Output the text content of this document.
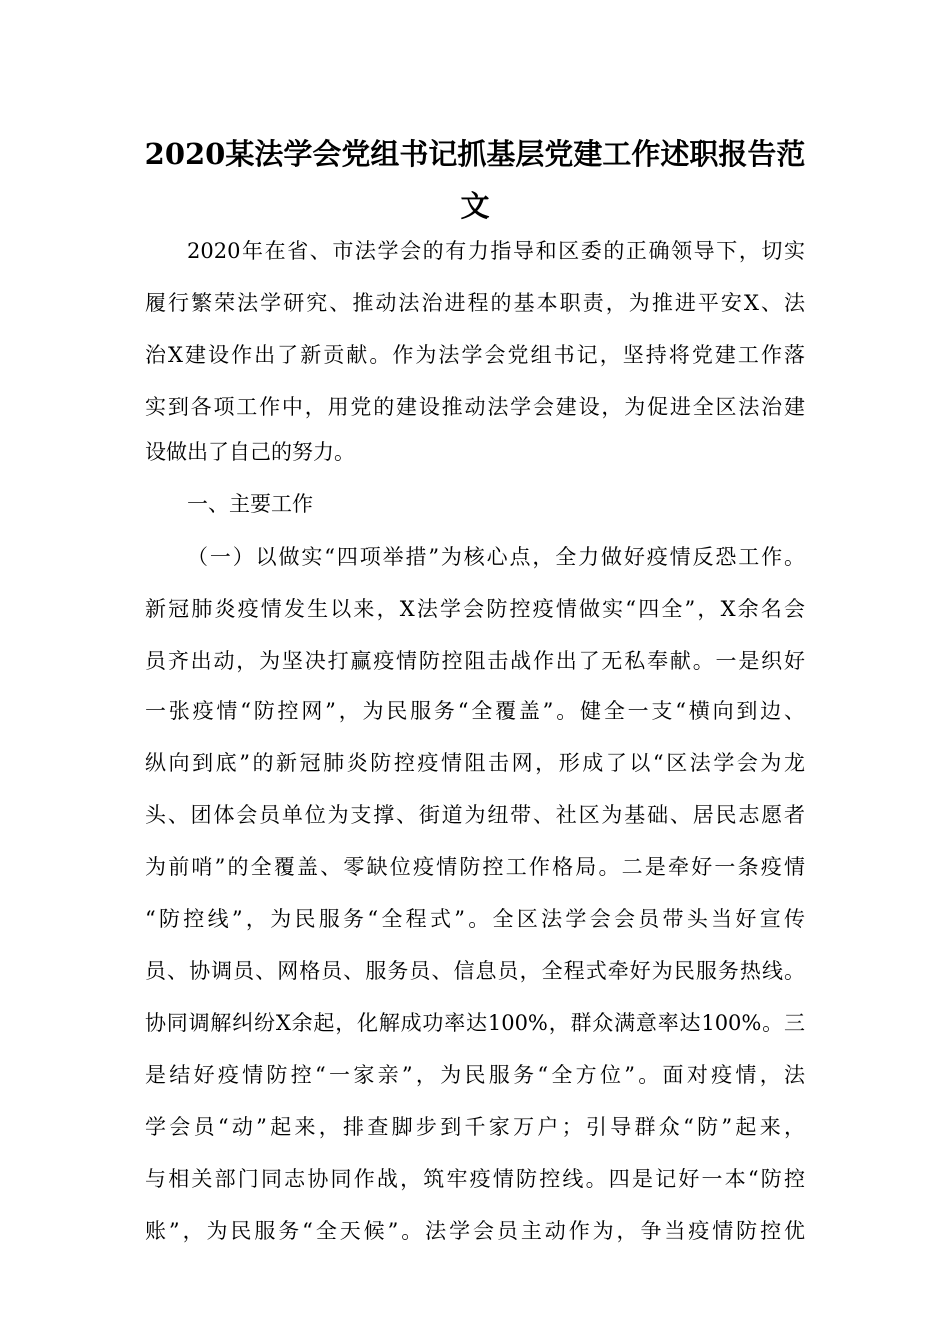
2020某法学会党组书记抓基层党建工作述职报告范
文

2020年在省、市法学会的有力指导和区委的正确领导下，切实

履行繁荣法学研究、推动法治进程的基本职责，为推进平安X、法

治X建设作出了新贡献。作为法学会党组书记，坚持将党建工作落

实到各项工作中，用党的建设推动法学会建设，为促进全区法治建

设做出了自己的努力。

一、主要工作

（一）以做实“四项举措”为核心点，全力做好疫情反恐工作。

新冠肺炎疫情发生以来，X法学会防控疫情做实“四全”，X余名会

员齐出动，为坚决打赢疫情防控阻击战作出了无私奉献。一是织好

一张疫情“防控网”，为民服务“全覆盖”。健全一支“横向到边、

纵向到底”的新冠肺炎防控疫情阻击网，形成了以“区法学会为龙

头、团体会员单位为支撑、街道为纽带、社区为基础、居民志愿者

为前哨”的全覆盖、零缺位疫情防控工作格局。二是牵好一条疫情

“防控线”，为民服务“全程式”。全区法学会会员带头当好宣传

员、协调员、网格员、服务员、信息员，全程式牵好为民服务热线。

协同调解纠纷X余起，化解成功率达100%，群众满意率达100%。三

是结好疫情防控“一家亲”，为民服务“全方位”。面对疫情，法

学会员“动”起来，排查脚步到千家万户；引导群众“防”起来，

与相关部门同志协同作战，筑牢疫情防控线。四是记好一本“防控

账”，为民服务“全天候”。法学会员主动作为，争当疫情防控优
